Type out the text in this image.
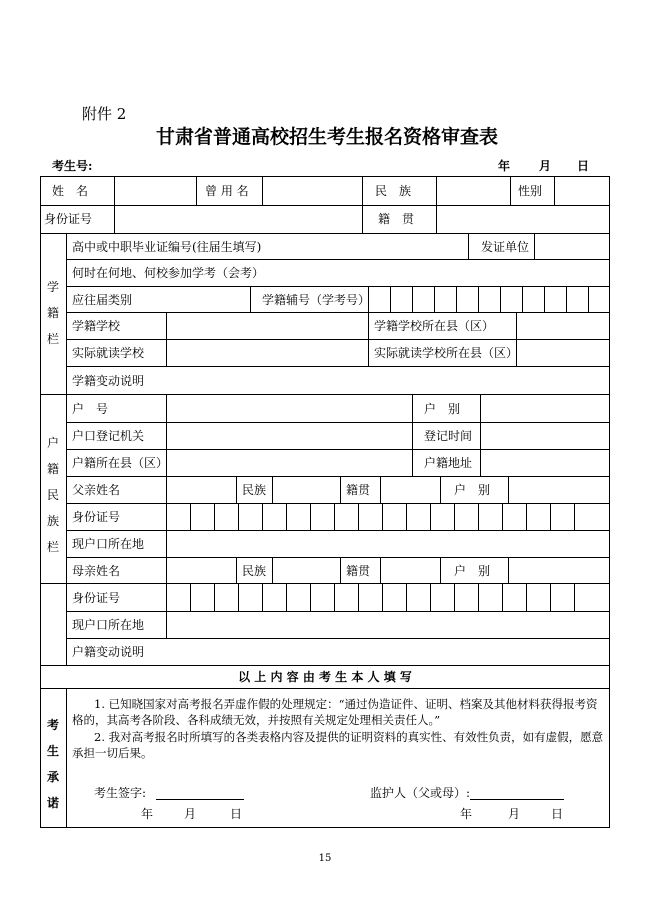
附件 2
甘肃省普通高校招生考生报名资格审查表
考生号:	年 月 日
姓　名	曾 用 名	民　族	性别
身份证号	籍　贯
学
籍
栏
高中或中职毕业证编号(往届生填写)	发证单位
何时在何地、何校参加学考（会考）
应往届类别	学籍辅号（学考号）
学籍学校	学籍学校所在县（区）
实际就读学校	实际就读学校所在县（区）
学籍变动说明
户
籍
民
族
栏
户　号	户　别
户口登记机关	登记时间
户籍所在县（区）	户籍地址
父亲姓名	民族	籍贯	户　别
身份证号
现户口所在地
母亲姓名	民族	籍贯	户　别
身份证号
现户口所在地
户籍变动说明
以 上 内 容 由 考 生 本 人 填 写
考
生
承
诺
1. 已知晓国家对高考报名弄虚作假的处理规定：“通过伪造证件、证明、档案及其他材料获得报考资格的，其高考各阶段、各科成绩无效，并按照有关规定处理相关责任人。”
2. 我对高考报名时所填写的各类表格内容及提供的证明资料的真实性、有效性负责，如有虚假，愿意承担一切后果。
考生签字:	监护人（父或母）:
年	月	日	年	月	日
15
